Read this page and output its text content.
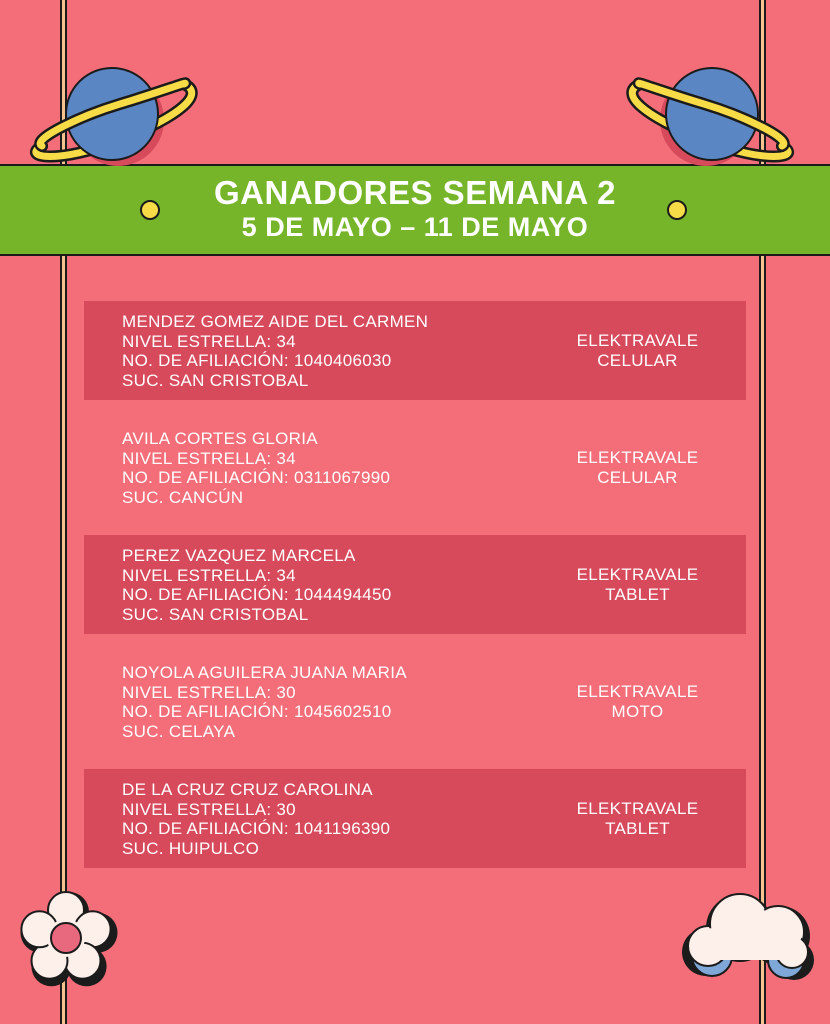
GANADORES SEMANA 2
5 DE MAYO – 11 DE MAYO
MENDEZ GOMEZ AIDE DEL CARMEN
NIVEL ESTRELLA: 34
NO. DE AFILIACIÓN: 1040406030
SUC. SAN CRISTOBAL
ELEKTRAVALE
CELULAR
AVILA CORTES GLORIA
NIVEL ESTRELLA: 34
NO. DE AFILIACIÓN: 0311067990
SUC. CANCÚN
ELEKTRAVALE
CELULAR
PEREZ VAZQUEZ MARCELA
NIVEL ESTRELLA: 34
NO. DE AFILIACIÓN: 1044494450
SUC. SAN CRISTOBAL
ELEKTRAVALE
TABLET
NOYOLA AGUILERA JUANA MARIA
NIVEL ESTRELLA: 30
NO. DE AFILIACIÓN: 1045602510
SUC. CELAYA
ELEKTRAVALE
MOTO
DE LA CRUZ CRUZ CAROLINA
NIVEL ESTRELLA: 30
NO. DE AFILIACIÓN: 1041196390
SUC. HUIPULCO
ELEKTRAVALE
TABLET
